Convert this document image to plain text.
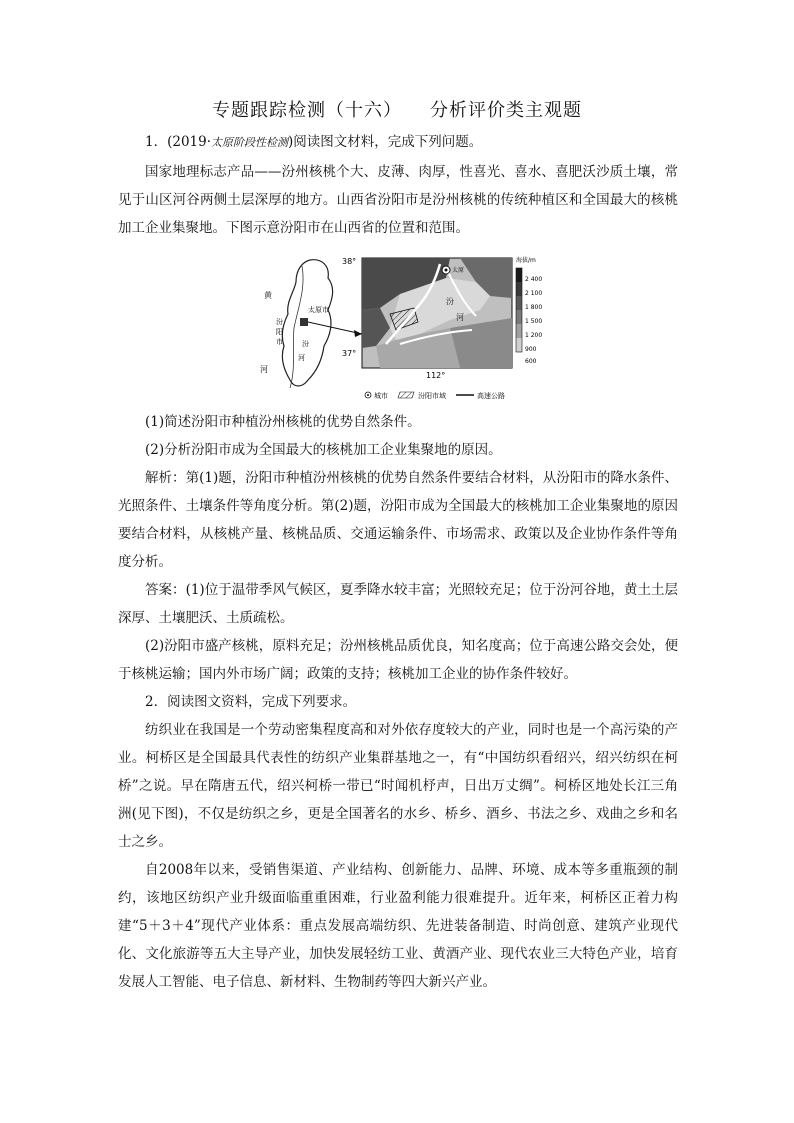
专题跟踪检测（十六） 分析评价类主观题

1．(2019·太原阶段性检测)阅读图文材料，完成下列问题。

国家地理标志产品——汾州核桃个大、皮薄、肉厚，性喜光、喜水、喜肥沃沙质土壤，常见于山区河谷两侧土层深厚的地方。山西省汾阳市是汾州核桃的传统种植区和全国最大的核桃加工企业集聚地。下图示意汾阳市在山西省的位置和范围。

黄
河
汾
阳
市	汾
河
太原市
太原
汾
河
38°
37°
112°
海拔/m
2 400
2 100
1 800
1 500
1 200
900
600
城市	汾阳市域	高速公路

(1)简述汾阳市种植汾州核桃的优势自然条件。

(2)分析汾阳市成为全国最大的核桃加工企业集聚地的原因。

解析：第(1)题，汾阳市种植汾州核桃的优势自然条件要结合材料，从汾阳市的降水条件、光照条件、土壤条件等角度分析。第(2)题，汾阳市成为全国最大的核桃加工企业集聚地的原因要结合材料，从核桃产量、核桃品质、交通运输条件、市场需求、政策以及企业协作条件等角度分析。

答案：(1)位于温带季风气候区，夏季降水较丰富；光照较充足；位于汾河谷地，黄土土层深厚、土壤肥沃、土质疏松。

(2)汾阳市盛产核桃，原料充足；汾州核桃品质优良，知名度高；位于高速公路交会处，便于核桃运输；国内外市场广阔；政策的支持；核桃加工企业的协作条件较好。

2．阅读图文资料，完成下列要求。

纺织业在我国是一个劳动密集程度高和对外依存度较大的产业，同时也是一个高污染的产业。柯桥区是全国最具代表性的纺织产业集群基地之一，有“中国纺织看绍兴，绍兴纺织在柯桥”之说。早在隋唐五代，绍兴柯桥一带已“时闻机杼声，日出万丈绸”。柯桥区地处长江三角洲(见下图)，不仅是纺织之乡，更是全国著名的水乡、桥乡、酒乡、书法之乡、戏曲之乡和名士之乡。

自2008年以来，受销售渠道、产业结构、创新能力、品牌、环境、成本等多重瓶颈的制约，该地区纺织产业升级面临重重困难，行业盈利能力很难提升。近年来，柯桥区正着力构建“5＋3＋4”现代产业体系：重点发展高端纺织、先进装备制造、时尚创意、建筑产业现代化、文化旅游等五大主导产业，加快发展轻纺工业、黄酒产业、现代农业三大特色产业，培育发展人工智能、电子信息、新材料、生物制药等四大新兴产业。
